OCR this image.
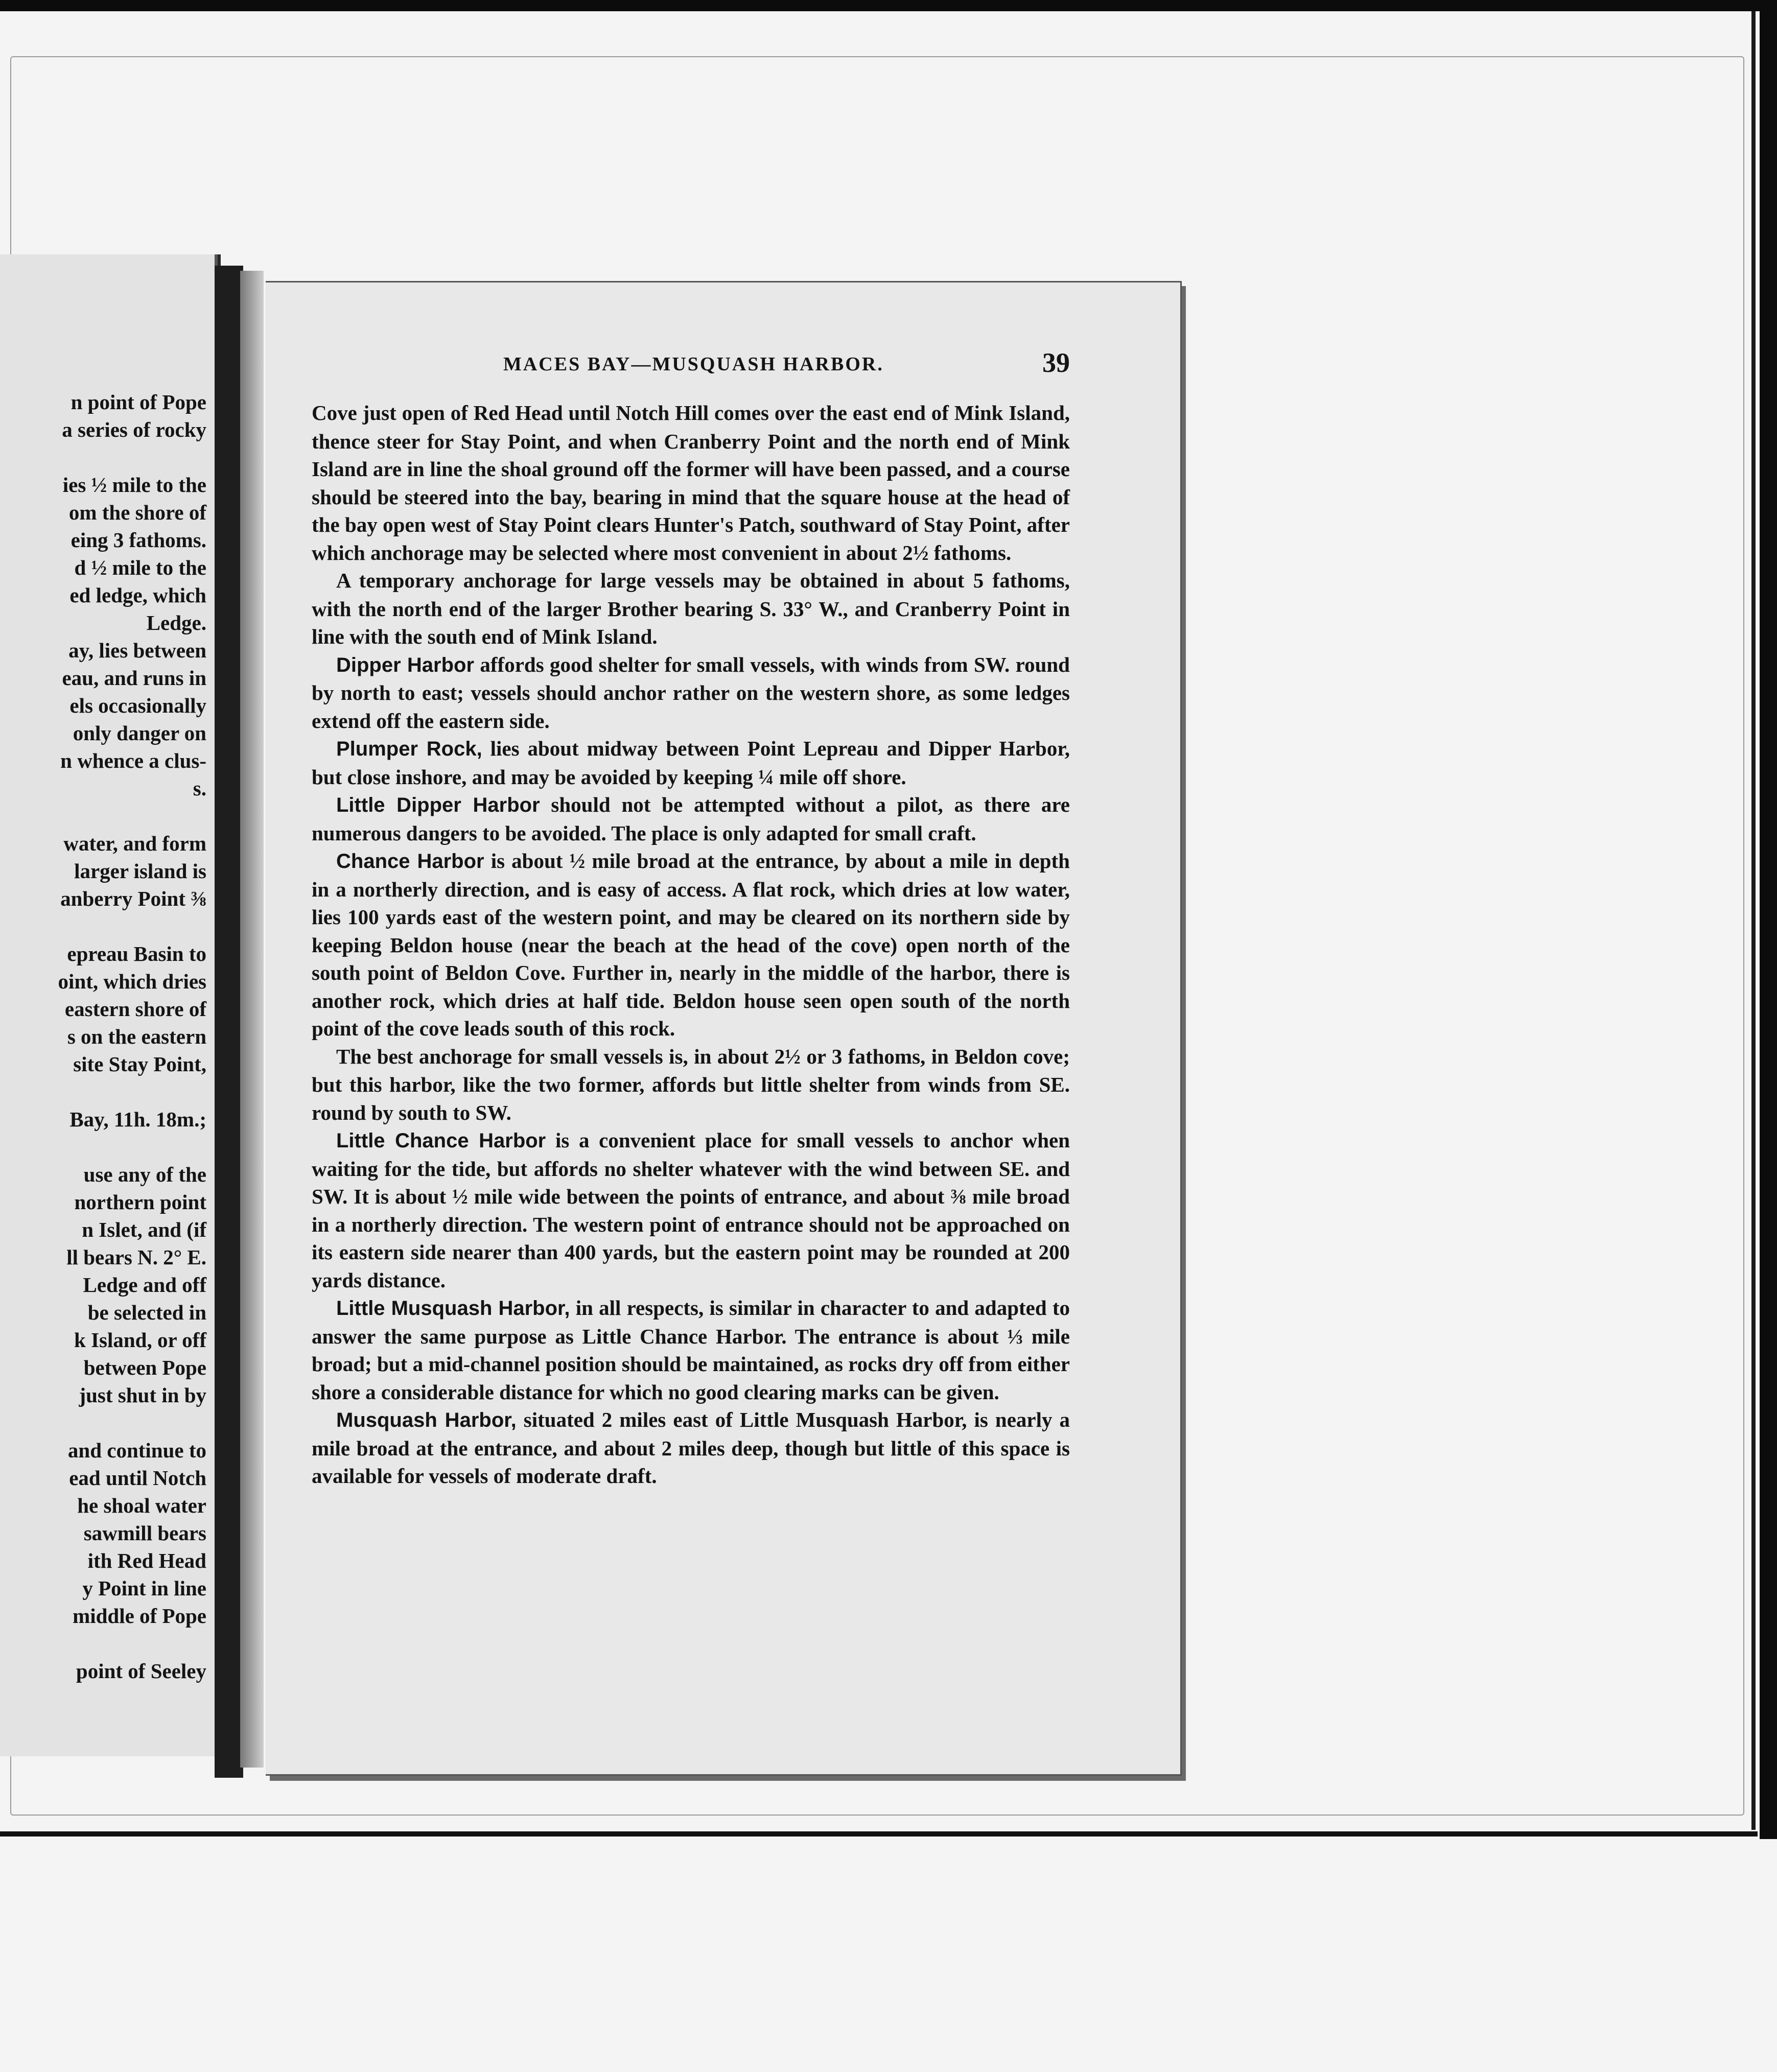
n point of Pope
a series of rocky
ies ½ mile to the
om the shore of
eing 3 fathoms.
d ½ mile to the
ed ledge, which
Ledge.
ay, lies between
eau, and runs in
els occasionally
only danger on
n whence a clus-
s.
water, and form
larger island is
anberry Point ⅜
epreau Basin to
oint, which dries
eastern shore of
s on the eastern
site Stay Point,
Bay, 11h. 18m.;
use any of the
northern point
n Islet, and (if
ll bears N. 2° E.
Ledge and off
be selected in
k Island, or off
between Pope
just shut in by
and continue to
ead until Notch
he shoal water
sawmill bears
ith Red Head
y Point in line
middle of Pope
point of Seeley
MACES BAY—MUSQUASH HARBOR.	39

Cove just open of Red Head until Notch Hill comes over the east end of Mink Island, thence steer for Stay Point, and when Cranberry Point and the north end of Mink Island are in line the shoal ground off the former will have been passed, and a course should be steered into the bay, bearing in mind that the square house at the head of the bay open west of Stay Point clears Hunter's Patch, southward of Stay Point, after which anchorage may be selected where most convenient in about 2½ fathoms.

A temporary anchorage for large vessels may be obtained in about 5 fathoms, with the north end of the larger Brother bearing S. 33° W., and Cranberry Point in line with the south end of Mink Island.

Dipper Harbor affords good shelter for small vessels, with winds from SW. round by north to east; vessels should anchor rather on the western shore, as some ledges extend off the eastern side.

Plumper Rock, lies about midway between Point Lepreau and Dipper Harbor, but close inshore, and may be avoided by keeping ¼ mile off shore.

Little Dipper Harbor should not be attempted without a pilot, as there are numerous dangers to be avoided. The place is only adapted for small craft.

Chance Harbor is about ½ mile broad at the entrance, by about a mile in depth in a northerly direction, and is easy of access. A flat rock, which dries at low water, lies 100 yards east of the western point, and may be cleared on its northern side by keeping Beldon house (near the beach at the head of the cove) open north of the south point of Beldon Cove. Further in, nearly in the middle of the harbor, there is another rock, which dries at half tide. Beldon house seen open south of the north point of the cove leads south of this rock.

The best anchorage for small vessels is, in about 2½ or 3 fathoms, in Beldon cove; but this harbor, like the two former, affords but little shelter from winds from SE. round by south to SW.

Little Chance Harbor is a convenient place for small vessels to anchor when waiting for the tide, but affords no shelter whatever with the wind between SE. and SW. It is about ½ mile wide between the points of entrance, and about ⅜ mile broad in a northerly direction. The western point of entrance should not be approached on its eastern side nearer than 400 yards, but the eastern point may be rounded at 200 yards distance.

Little Musquash Harbor, in all respects, is similar in character to and adapted to answer the same purpose as Little Chance Harbor. The entrance is about ⅓ mile broad; but a mid-channel position should be maintained, as rocks dry off from either shore a considerable distance for which no good clearing marks can be given.

Musquash Harbor, situated 2 miles east of Little Musquash Harbor, is nearly a mile broad at the entrance, and about 2 miles deep, though but little of this space is available for vessels of moderate draft.
